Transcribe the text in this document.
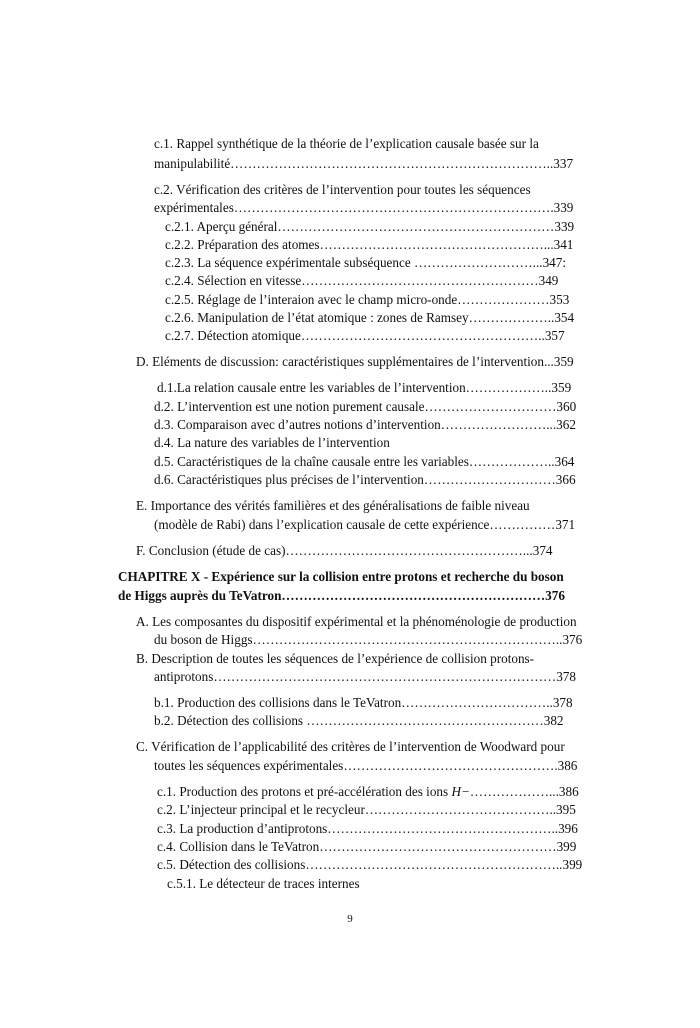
c.1. Rappel synthétique de la théorie de l’explication causale basée sur la
manipulabilité………………………………………………………………..337
c.2. Vérification des critères de l’intervention pour toutes les séquences
expérimentales……………………………………………………………….339
c.2.1. Aperçu général………………………………………………………339
c.2.2. Préparation des atomes……………………………………………...341
c.2.3. La séquence expérimentale subséquence ………………………...347:
c.2.4. Sélection en vitesse………………………………………………349
c.2.5. Réglage de l’interaion avec le champ micro-onde…………………353
c.2.6. Manipulation de l’état atomique : zones de Ramsey………………..354
c.2.7. Détection atomique………………………………………………..357
D. Eléments de discussion: caractéristiques supplémentaires de l’intervention...359
d.1.La relation causale entre les variables de l’intervention………………..359
d.2. L’intervention est une notion purement causale…………………………360
d.3. Comparaison avec d’autres notions d’intervention……………………...362
d.4. La nature des variables de l’intervention
d.5. Caractéristiques de la chaîne causale entre les variables………………..364
d.6. Caractéristiques plus précises de l’intervention…………………………366
E. Importance des vérités familières et des généralisations de faible niveau
(modèle de Rabi) dans l’explication causale de cette expérience……………371
F. Conclusion (étude de cas)………………………………………………...374
CHAPITRE X - Expérience sur la collision entre protons et recherche du boson
de Higgs auprès du TeVatron……………………………………………………376
A. Les composantes du dispositif expérimental et la phénoménologie de production
du boson de Higgs……………………………………………………………..376
B. Description de toutes les séquences de l’expérience de collision protons-
antiprotons……………………………………………………………………378
b.1. Production des collisions dans le TeVatron……………………………..378
b.2. Détection des collisions ………………………………………………382
C. Vérification de l’applicabilité des critères de l’intervention de Woodward pour
toutes les séquences expérimentales………………………………………….386
c.1. Production des protons et pré-accélération des ions H−………………...386
c.2. L’injecteur principal et le recycleur……………………………………..395
c.3. La production d’antiprotons……………………………………………..396
c.4. Collision dans le TeVatron………………………………………………399
c.5. Détection des collisions…………………………………………………..399
c.5.1. Le détecteur de traces internes
9
